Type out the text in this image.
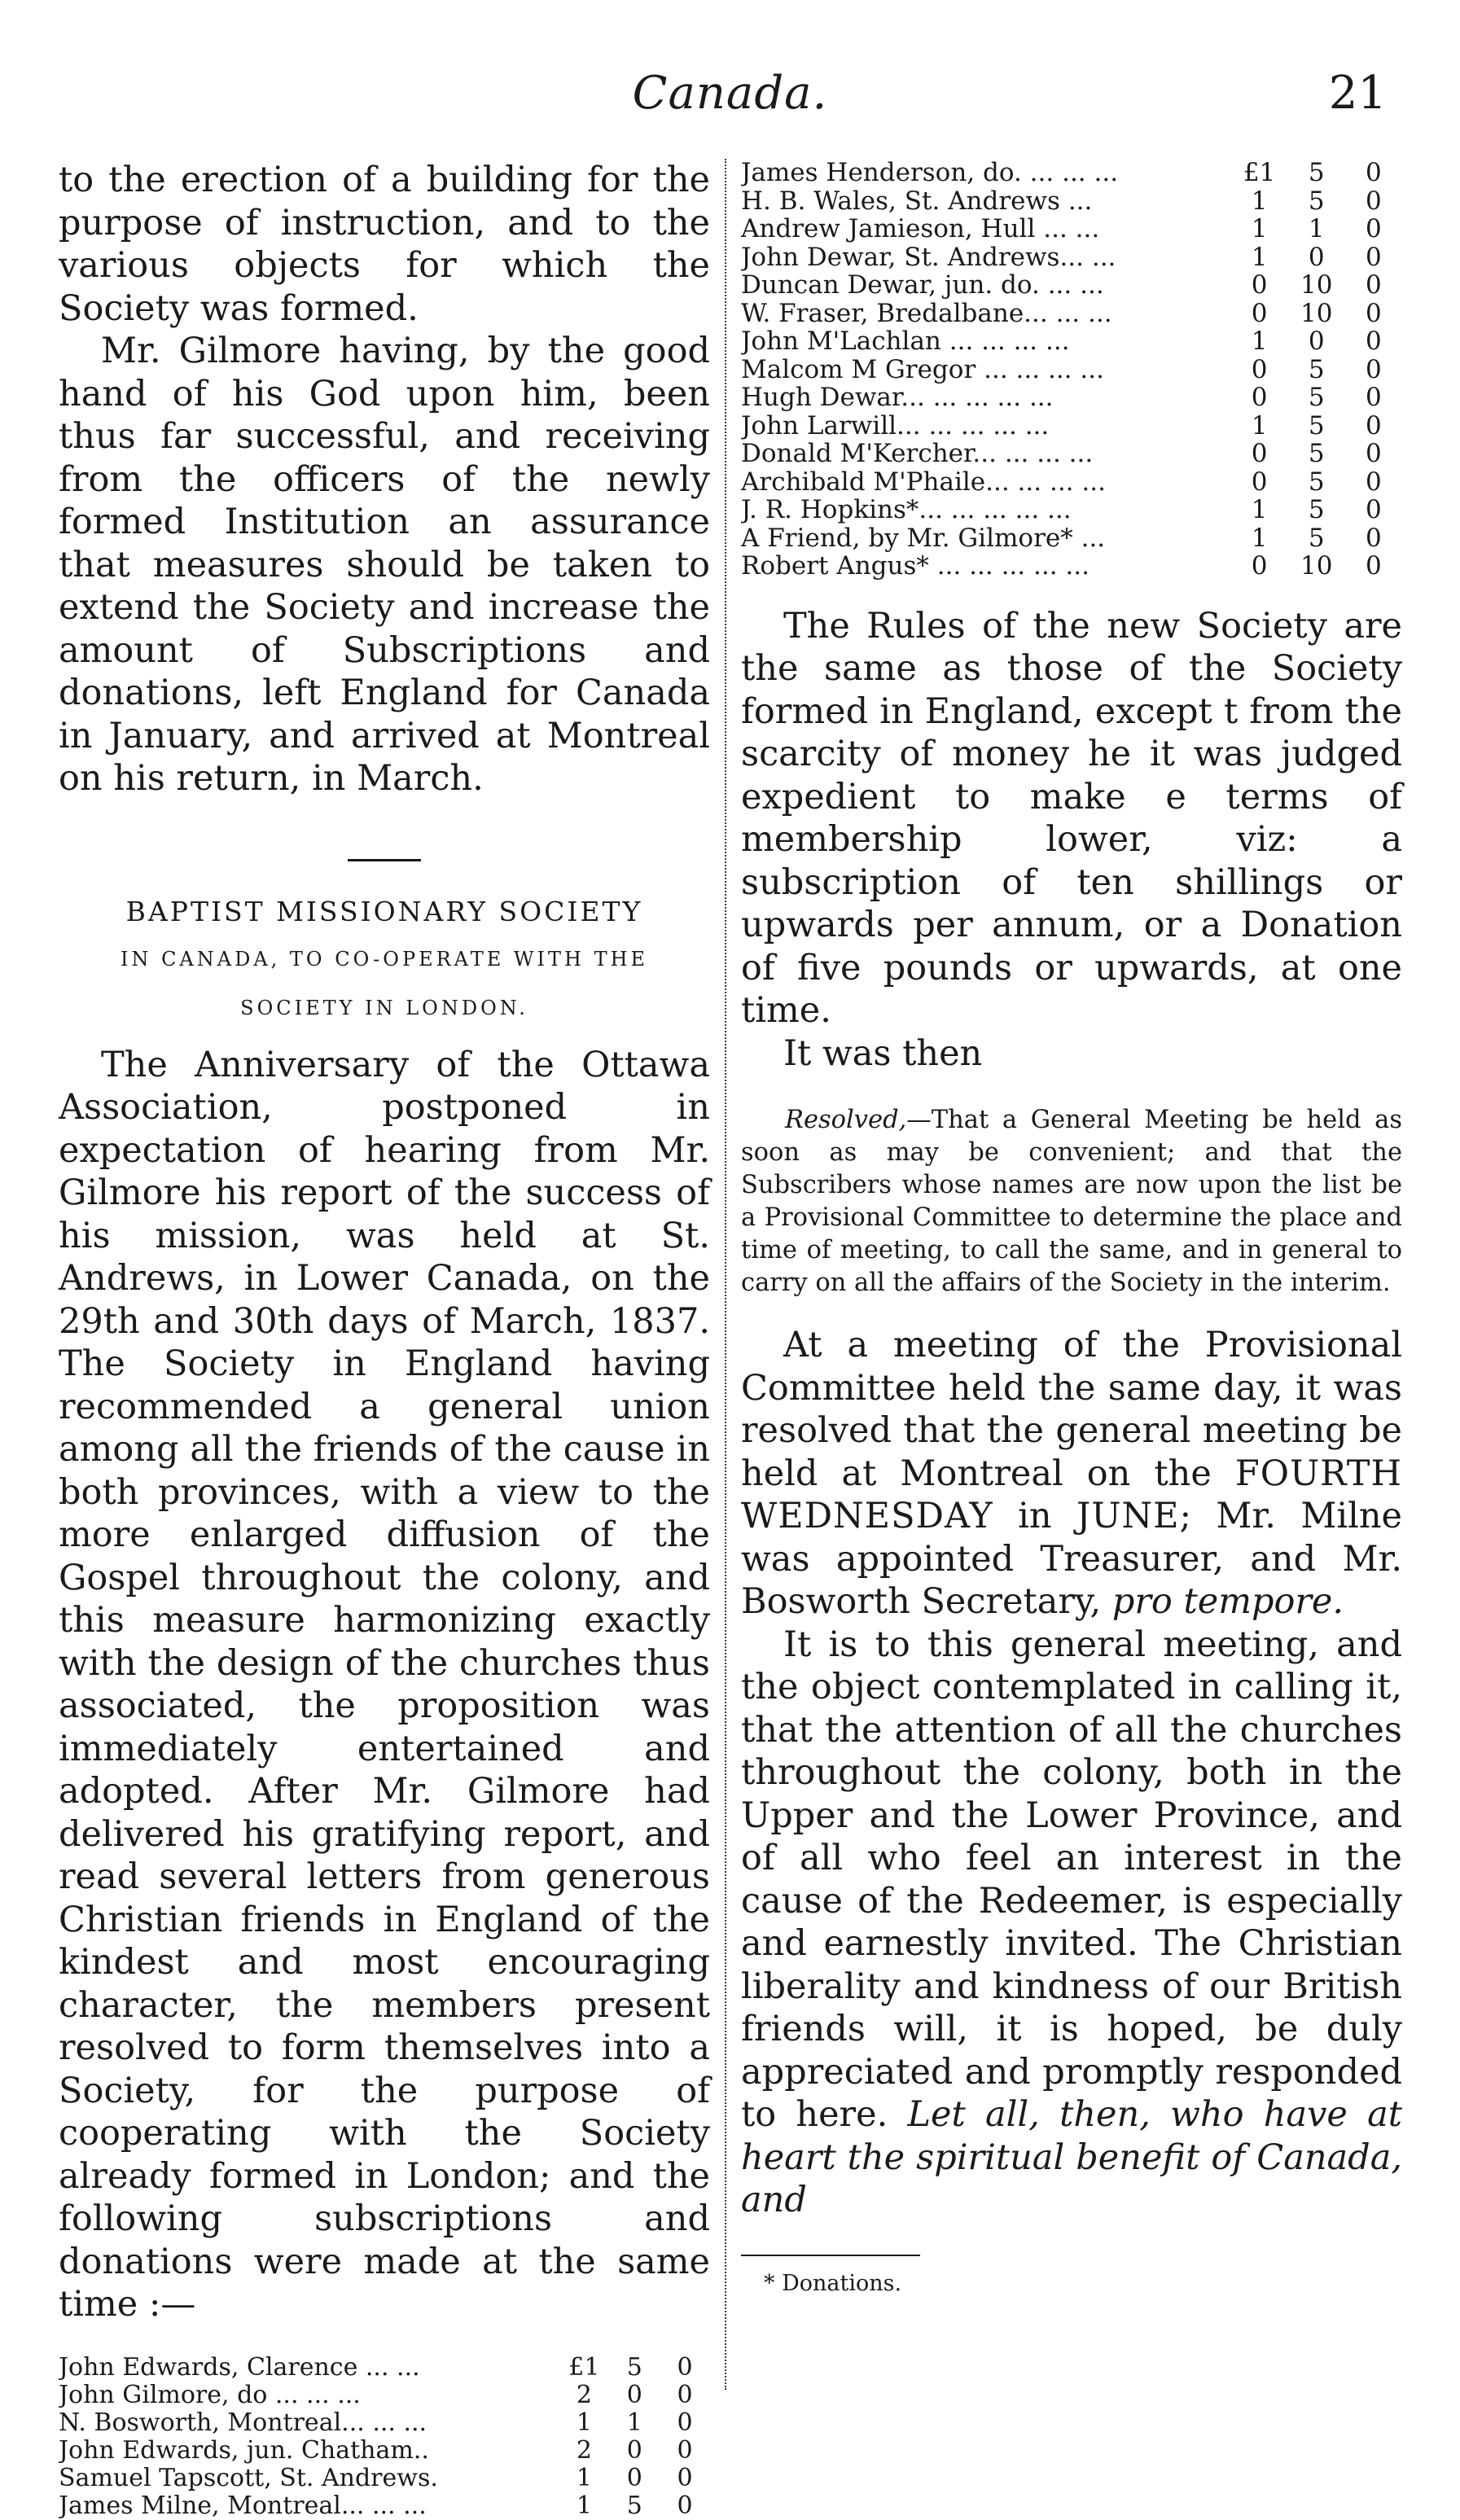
Canada.	21

to the erection of a building for the purpose of instruction, and to the various objects for which the Society was formed.

Mr. Gilmore having, by the good hand of his God upon him, been thus far successful, and receiving from the officers of the newly formed Institution an assurance that measures should be taken to extend the Society and increase the amount of Subscriptions and donations, left England for Canada in January, and arrived at Montreal on his return, in March.

BAPTIST MISSIONARY SOCIETY

IN CANADA, TO CO-OPERATE WITH THE

SOCIETY IN LONDON.

The Anniversary of the Ottawa Association, postponed in expectation of hearing from Mr. Gilmore his report of the success of his mission, was held at St. Andrews, in Lower Canada, on the 29th and 30th days of March, 1837. The Society in England having recommended a general union among all the friends of the cause in both provinces, with a view to the more enlarged diffusion of the Gospel throughout the colony, and this measure harmonizing exactly with the design of the churches thus associated, the proposition was immediately entertained and adopted. After Mr. Gilmore had delivered his gratifying report, and read several letters from generous Christian friends in England of the kindest and most encouraging character, the members present resolved to form themselves into a Society, for the purpose of cooperating with the Society already formed in London; and the following subscriptions and donations were made at the same time :—

John Edwards, Clarence ... ...	£1	5	0
John Gilmore, do ... ... ...	2	0	0
N. Bosworth, Montreal... ... ...	1	1	0
John Edwards, jun. Chatham..	2	0	0
Samuel Tapscott, St. Andrews.	1	0	0
James Milne, Montreal... ... ...	1	5	0
James Henderson, do. ... ... ...	£1	5	0
H. B. Wales, St. Andrews ...	1	5	0
Andrew Jamieson, Hull ... ...	1	1	0
John Dewar, St. Andrews... ...	1	0	0
Duncan Dewar, jun. do. ... ...	0	10	0
W. Fraser, Bredalbane... ... ...	0	10	0
John M'Lachlan ... ... ... ...	1	0	0
Malcom M Gregor ... ... ... ...	0	5	0
Hugh Dewar... ... ... ... ...	0	5	0
John Larwill... ... ... ... ...	1	5	0
Donald M'Kercher... ... ... ...	0	5	0
Archibald M'Phaile... ... ... ...	0	5	0
J. R. Hopkins*... ... ... ... ...	1	5	0
A Friend, by Mr. Gilmore* ...	1	5	0
Robert Angus* ... ... ... ... ...	0	10	0

The Rules of the new Society are the same as those of the Society formed in England, except t from the scarcity of money he it was judged expedient to make e terms of membership lower, viz: a subscription of ten shillings or upwards per annum, or a Donation of five pounds or upwards, at one time.

It was then

Resolved,—That a General Meeting be held as soon as may be convenient; and that the Subscribers whose names are now upon the list be a Provisional Committee to determine the place and time of meeting, to call the same, and in general to carry on all the affairs of the Society in the interim.

At a meeting of the Provisional Committee held the same day, it was resolved that the general meeting be held at Montreal on the FOURTH WEDNESDAY in JUNE; Mr. Milne was appointed Treasurer, and Mr. Bosworth Secretary, pro tempore.

It is to this general meeting, and the object contemplated in calling it, that the attention of all the churches throughout the colony, both in the Upper and the Lower Province, and of all who feel an interest in the cause of the Redeemer, is especially and earnestly invited. The Christian liberality and kindness of our British friends will, it is hoped, be duly appreciated and promptly responded to here. Let all, then, who have at heart the spiritual benefit of Canada, and

* Donations.
